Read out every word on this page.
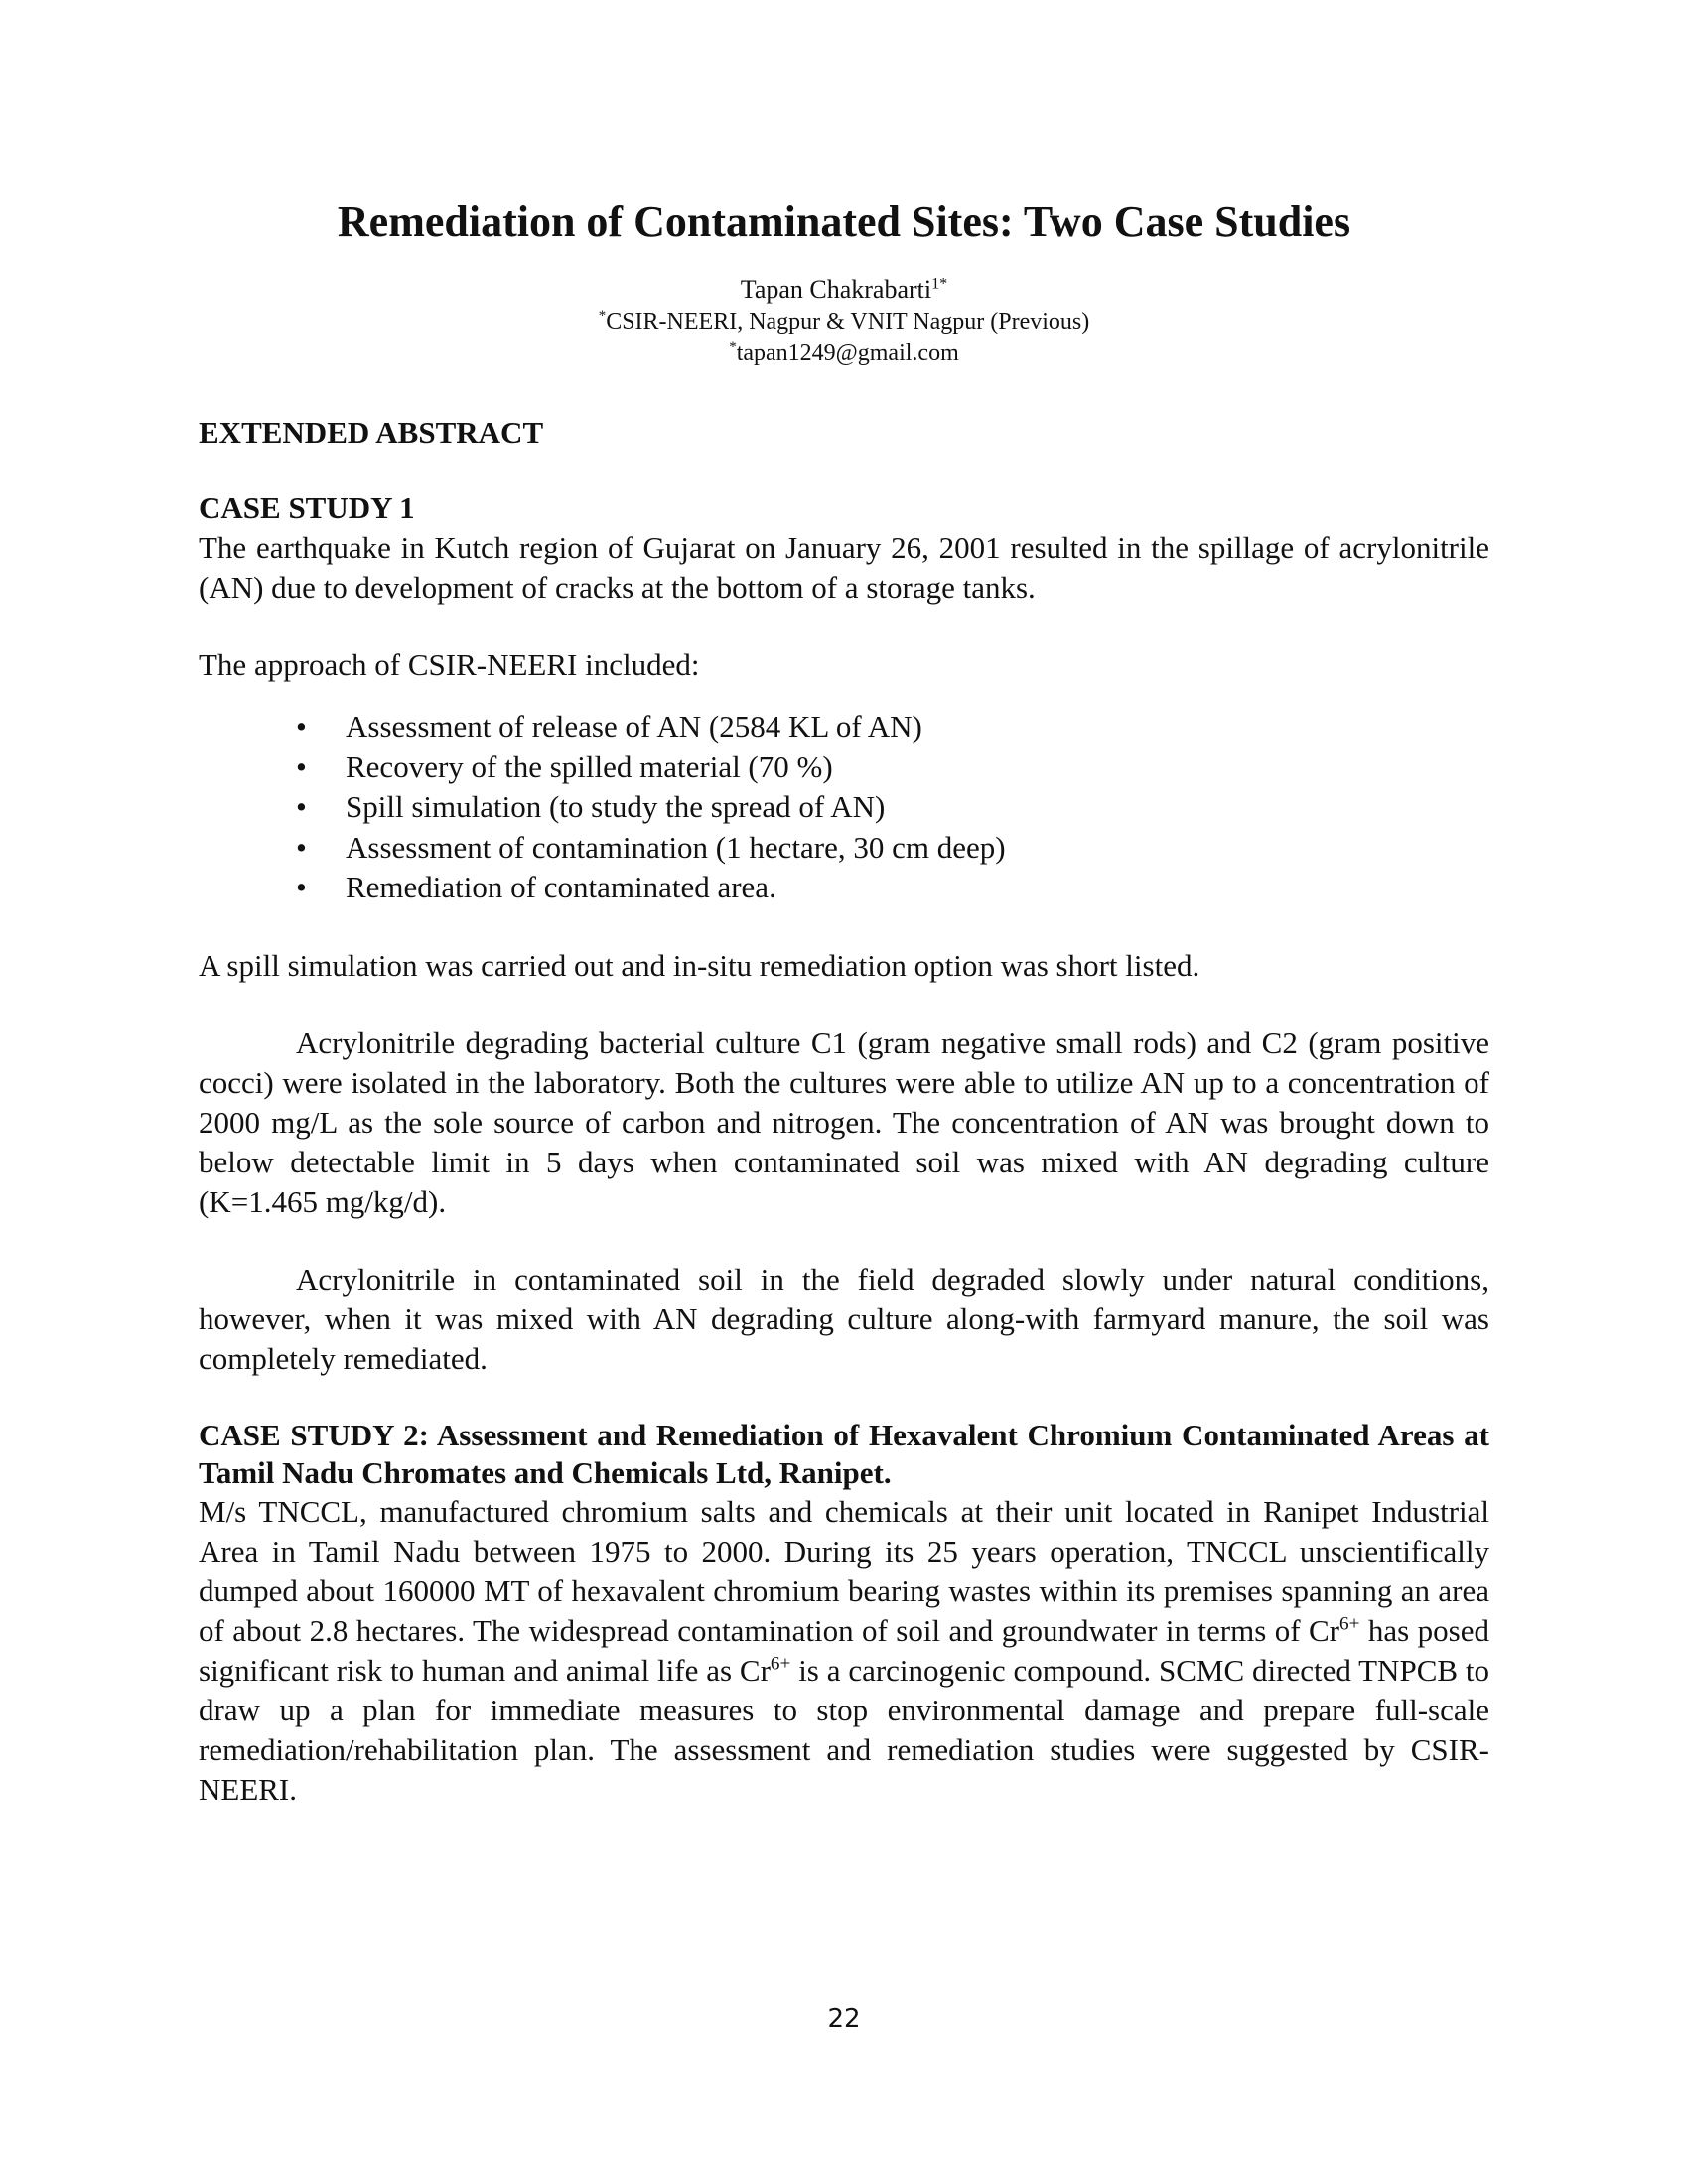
Remediation of Contaminated Sites: Two Case Studies
Tapan Chakrabarti$^{1*}$
*CSIR-NEERI, Nagpur & VNIT Nagpur (Previous)
*tapan1249@gmail.com
EXTENDED ABSTRACT
CASE STUDY 1

The earthquake in Kutch region of Gujarat on January 26, 2001 resulted in the spillage of acrylonitrile (AN) due to development of cracks at the bottom of a storage tanks.

The approach of CSIR-NEERI included:

• Assessment of release of AN (2584 KL of AN)
• Recovery of the spilled material (70 %)
• Spill simulation (to study the spread of AN)
• Assessment of contamination (1 hectare, 30 cm deep)
• Remediation of contaminated area.

A spill simulation was carried out and in-situ remediation option was short listed.

Acrylonitrile degrading bacterial culture C1 (gram negative small rods) and C2 (gram positive cocci) were isolated in the laboratory. Both the cultures were able to utilize AN up to a concentration of 2000 mg/L as the sole source of carbon and nitrogen. The concentration of AN was brought down to below detectable limit in 5 days when contaminated soil was mixed with AN degrading culture (K=1.465 mg/kg/d).

Acrylonitrile in contaminated soil in the field degraded slowly under natural conditions, however, when it was mixed with AN degrading culture along-with farmyard manure, the soil was completely remediated.

CASE STUDY 2: Assessment and Remediation of Hexavalent Chromium Contaminated Areas at Tamil Nadu Chromates and Chemicals Ltd, Ranipet.

M/s TNCCL, manufactured chromium salts and chemicals at their unit located in Ranipet Industrial Area in Tamil Nadu between 1975 to 2000. During its 25 years operation, TNCCL unscientifically dumped about 160000 MT of hexavalent chromium bearing wastes within its premises spanning an area of about 2.8 hectares. The widespread contamination of soil and groundwater in terms of $Cr^{6+}$ has posed significant risk to human and animal life as $Cr^{6+}$ is a carcinogenic compound. SCMC directed TNPCB to draw up a plan for immediate measures to stop environmental damage and prepare full-scale remediation/rehabilitation plan. The assessment and remediation studies were suggested by CSIR-NEERI.

22
